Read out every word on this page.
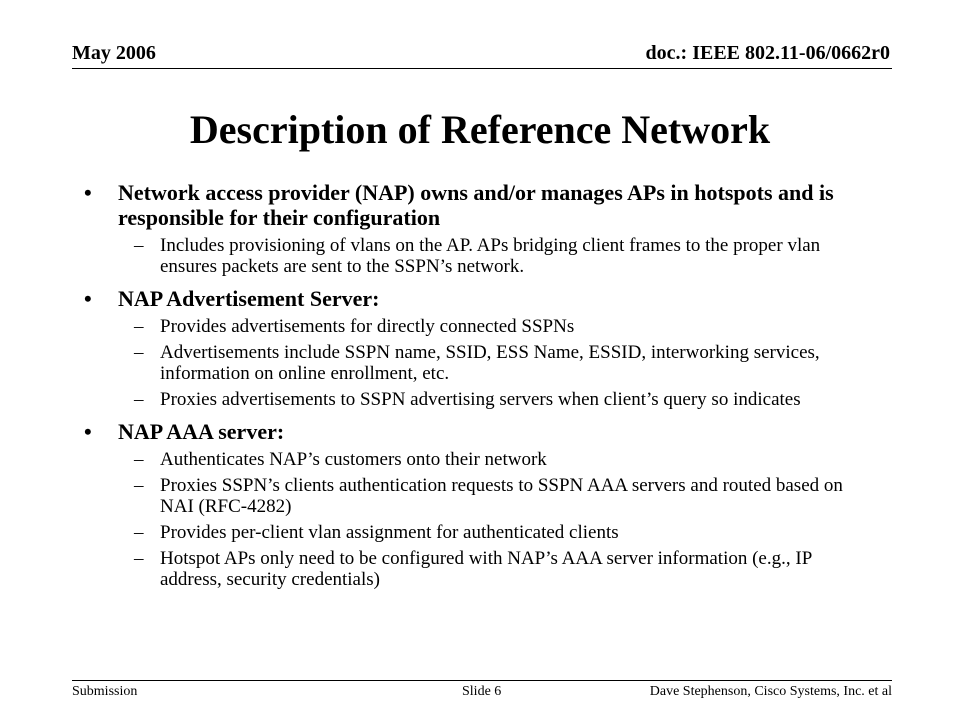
May 2006	doc.: IEEE 802.11-06/0662r0
Description of Reference Network
• Network access provider (NAP) owns and/or manages APs in hotspots and is responsible for their configuration
– Includes provisioning of vlans on the AP. APs bridging client frames to the proper vlan ensures packets are sent to the SSPN’s network.
• NAP Advertisement Server:
– Provides advertisements for directly connected SSPNs
– Advertisements include SSPN name, SSID, ESS Name, ESSID, interworking services, information on online enrollment, etc.
– Proxies advertisements to SSPN advertising servers when client’s query so indicates
• NAP AAA server:
– Authenticates NAP’s customers onto their network
– Proxies SSPN’s clients authentication requests to SSPN AAA servers and routed based on NAI (RFC-4282)
– Provides per-client vlan assignment for authenticated clients
– Hotspot APs only need to be configured with NAP’s AAA server information (e.g., IP address, security credentials)
Submission	Slide 6	Dave Stephenson, Cisco Systems, Inc. et al
